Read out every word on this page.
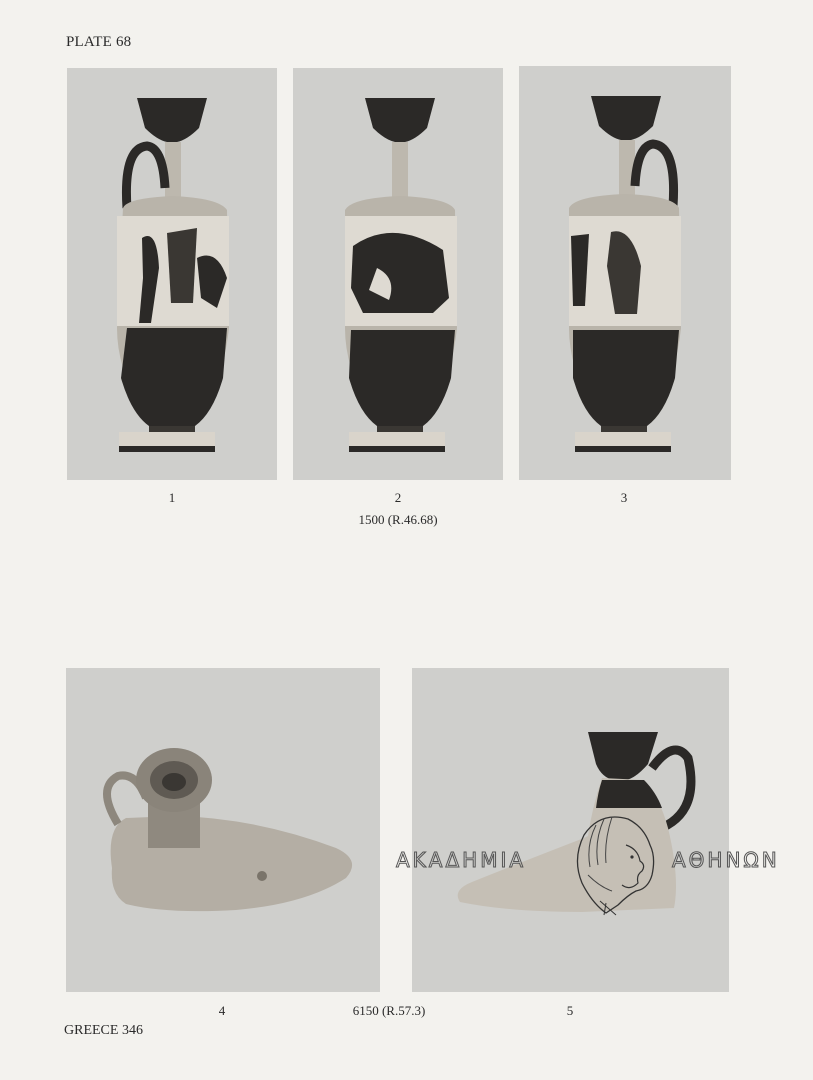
PLATE 68
1	2	3
1500 (R.46.68)
4	6150 (R.57.3)	5
ΑΚΑΔΗΜΙΑ	ΑΘΗΝΩΝ
GREECE 346
